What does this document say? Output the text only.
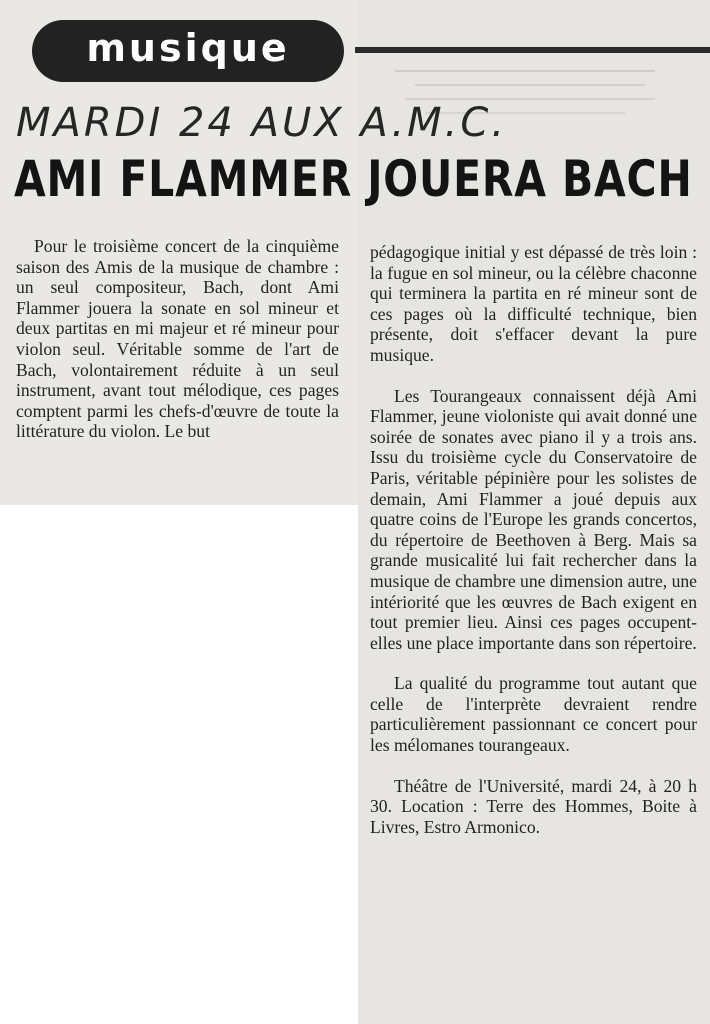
musique
MARDI 24 AUX A.M.C.
AMI FLAMMER JOUERA BACH

Pour le troisième concert de la cinquième saison des Amis de la musique de chambre : un seul compositeur, Bach, dont Ami Flammer jouera la sonate en sol mineur et deux partitas en mi majeur et ré mineur pour violon seul. Véritable somme de l'art de Bach, volontairement réduite à un seul instrument, avant tout mélodique, ces pages comptent parmi les chefs-d'œuvre de toute la littérature du violon. Le but

pédagogique initial y est dépassé de très loin : la fugue en sol mineur, ou la célèbre chaconne qui terminera la partita en ré mineur sont de ces pages où la difficulté technique, bien présente, doit s'effacer devant la pure musique.

Les Tourangeaux connaissent déjà Ami Flammer, jeune violoniste qui avait donné une soirée de sonates avec piano il y a trois ans. Issu du troisième cycle du Conservatoire de Paris, véritable pépinière pour les solistes de demain, Ami Flammer a joué depuis aux quatre coins de l'Europe les grands concertos, du répertoire de Beethoven à Berg. Mais sa grande musicalité lui fait rechercher dans la musique de chambre une dimension autre, une intériorité que les œuvres de Bach exigent en tout premier lieu. Ainsi ces pages occupent-elles une place importante dans son répertoire.

La qualité du programme tout autant que celle de l'interprète devraient rendre particulièrement passionnant ce concert pour les mélomanes tourangeaux.

Théâtre de l'Université, mardi 24, à 20 h 30. Location : Terre des Hommes, Boite à Livres, Estro Armonico.
